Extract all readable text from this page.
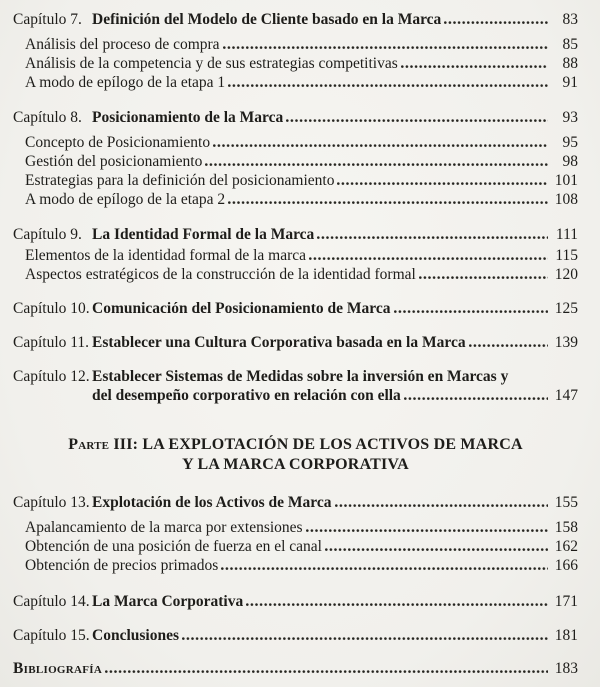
Capítulo 7. Definición del Modelo de Cliente basado en la Marca	83
Análisis del proceso de compra	85
Análisis de la competencia y de sus estrategias competitivas	88
A modo de epílogo de la etapa 1	91
Capítulo 8. Posicionamiento de la Marca	93
Concepto de Posicionamiento	95
Gestión del posicionamiento	98
Estrategias para la definición del posicionamiento	101
A modo de epílogo de la etapa 2	108
Capítulo 9. La Identidad Formal de la Marca	111
Elementos de la identidad formal de la marca	115
Aspectos estratégicos de la construcción de la identidad formal	120
Capítulo 10. Comunicación del Posicionamiento de Marca	125
Capítulo 11. Establecer una Cultura Corporativa basada en la Marca	139
Capítulo 12. Establecer Sistemas de Medidas sobre la inversión en Marcas y
del desempeño corporativo en relación con ella	147
Parte III: LA EXPLOTACIÓN DE LOS ACTIVOS DE MARCA
Y LA MARCA CORPORATIVA
Capítulo 13. Explotación de los Activos de Marca	155
Apalancamiento de la marca por extensiones	158
Obtención de una posición de fuerza en el canal	162
Obtención de precios primados	166
Capítulo 14. La Marca Corporativa	171
Capítulo 15. Conclusiones	181
Bibliografía	183
